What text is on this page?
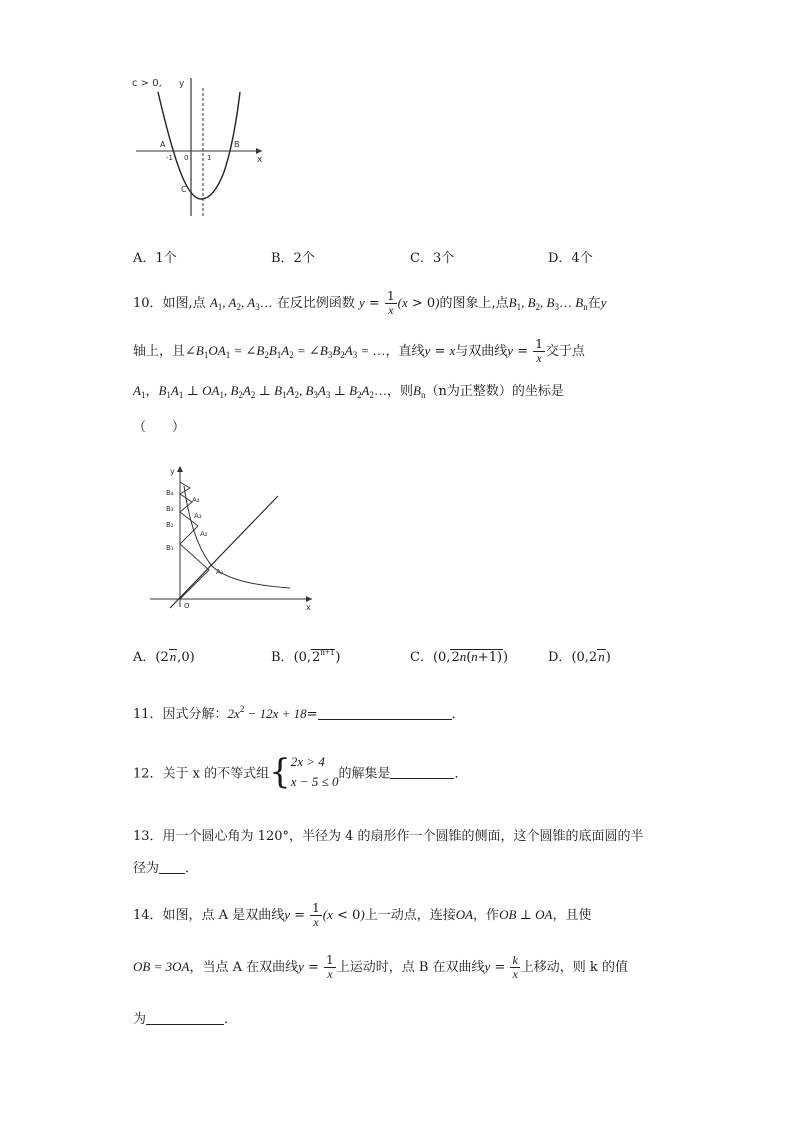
c > 0, y
x
A
-1 0	1
B
C
A．1个	B．2个	C．3个	D．4个
10．如图,点 $A_1$, $A_2$, $A_3\dots$ 在反比例函数 $y = \frac{1}{x} (x > 0)$的图象上,点$B_1$, $B_2$, $B_3\dots$ $B_n$在y
轴上，且$\angle B_1OA_1$ = $\angle B_2B_1A_2$ = $\angle B_3B_2A_3$ = …，直线y = x与双曲线$y = \frac{1}{x}$ 交于点
$A_1$，$B_1A_1$ ⊥ $OA_1$, $B_2A_2$ ⊥ $B_1A_2$, $B_3A_3$ ⊥ $B_2A_2\dots$，则$B_n(n$为正整数）的坐标是
（　　）
y
x
O
B₄
B₃
B₂
B₁
A₄
A₃
A₂
A₁
A．(2n,0)	B．$(0,2^{n+1})$	C．(0,2n(n+1))	D．(0,2n)
11．因式分解：$2x^2 - 12x + 18=$	．
12．关于 x 的不等式组{ 2x > 4
x − 5 ≤ 0 的解集是	．
13．用一个圆心角为 120°，半径为 4 的扇形作一个圆锥的侧面，这个圆锥的底面圆的半
径为 ．
14．如图，点 A 是双曲线$y = \frac{1}{x} (x < 0)$上一动点，连接OA，作OB ⊥ OA，且使
OB = 3OA，当点 A 在双曲线$y = \frac{1}{x}$ 上运动时，点 B 在双曲线$y = \frac{k}{x}$ 上移动，则 k 的值
为	．
